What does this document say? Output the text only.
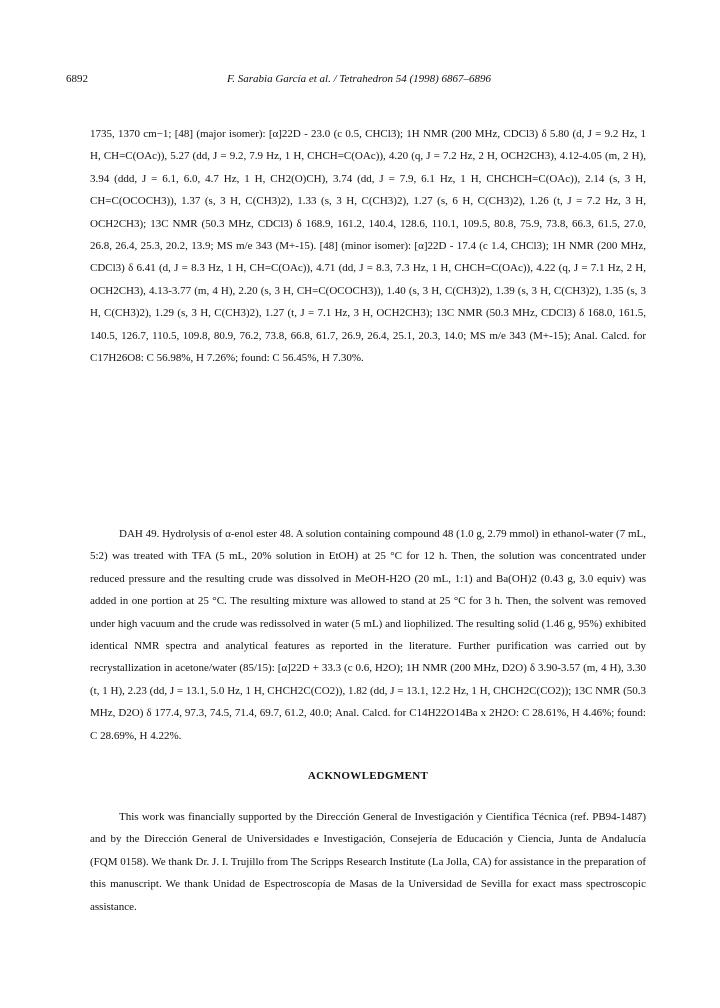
6892	F. Sarabia García et al. / Tetrahedron 54 (1998) 6867–6896

1735, 1370 cm−1; [48] (major isomer): [α]22D - 23.0 (c 0.5, CHCl3); 1H NMR (200 MHz, CDCl3) δ 5.80 (d, J = 9.2 Hz, 1 H, CH=C(OAc)), 5.27 (dd, J = 9.2, 7.9 Hz, 1 H, CHCH=C(OAc)), 4.20 (q, J = 7.2 Hz, 2 H, OCH2CH3), 4.12-4.05 (m, 2 H), 3.94 (ddd, J = 6.1, 6.0, 4.7 Hz, 1 H, CH2(O)CH), 3.74 (dd, J = 7.9, 6.1 Hz, 1 H, CHCHCH=C(OAc)), 2.14 (s, 3 H, CH=C(OCOCH3)), 1.37 (s, 3 H, C(CH3)2), 1.33 (s, 3 H, C(CH3)2), 1.27 (s, 6 H, C(CH3)2), 1.26 (t, J = 7.2 Hz, 3 H, OCH2CH3); 13C NMR (50.3 MHz, CDCl3) δ 168.9, 161.2, 140.4, 128.6, 110.1, 109.5, 80.8, 75.9, 73.8, 66.3, 61.5, 27.0, 26.8, 26.4, 25.3, 20.2, 13.9; MS m/e 343 (M+-15). [48] (minor isomer): [α]22D - 17.4 (c 1.4, CHCl3); 1H NMR (200 MHz, CDCl3) δ 6.41 (d, J = 8.3 Hz, 1 H, CH=C(OAc)), 4.71 (dd, J = 8.3, 7.3 Hz, 1 H, CHCH=C(OAc)), 4.22 (q, J = 7.1 Hz, 2 H, OCH2CH3), 4.13-3.77 (m, 4 H), 2.20 (s, 3 H, CH=C(OCOCH3)), 1.40 (s, 3 H, C(CH3)2), 1.39 (s, 3 H, C(CH3)2), 1.35 (s, 3 H, C(CH3)2), 1.29 (s, 3 H, C(CH3)2), 1.27 (t, J = 7.1 Hz, 3 H, OCH2CH3); 13C NMR (50.3 MHz, CDCl3) δ 168.0, 161.5, 140.5, 126.7, 110.5, 109.8, 80.9, 76.2, 73.8, 66.8, 61.7, 26.9, 26.4, 25.1, 20.3, 14.0; MS m/e 343 (M+-15); Anal. Calcd. for C17H26O8: C 56.98%, H 7.26%; found: C 56.45%, H 7.30%.

DAH 49. Hydrolysis of α-enol ester 48. A solution containing compound 48 (1.0 g, 2.79 mmol) in ethanol-water (7 mL, 5:2) was treated with TFA (5 mL, 20% solution in EtOH) at 25 °C for 12 h. Then, the solution was concentrated under reduced pressure and the resulting crude was dissolved in MeOH-H2O (20 mL, 1:1) and Ba(OH)2 (0.43 g, 3.0 equiv) was added in one portion at 25 °C. The resulting mixture was allowed to stand at 25 °C for 3 h. Then, the solvent was removed under high vacuum and the crude was redissolved in water (5 mL) and liophilized. The resulting solid (1.46 g, 95%) exhibited identical NMR spectra and analytical features as reported in the literature. Further purification was carried out by recrystallization in acetone/water (85/15): [α]22D + 33.3 (c 0.6, H2O); 1H NMR (200 MHz, D2O) δ 3.90-3.57 (m, 4 H), 3.30 (t, 1 H), 2.23 (dd, J = 13.1, 5.0 Hz, 1 H, CHCH2C(CO2)), 1.82 (dd, J = 13.1, 12.2 Hz, 1 H, CHCH2C(CO2)); 13C NMR (50.3 MHz, D2O) δ 177.4, 97.3, 74.5, 71.4, 69.7, 61.2, 40.0; Anal. Calcd. for C14H22O14Ba x 2H2O: C 28.61%, H 4.46%; found: C 28.69%, H 4.22%.

ACKNOWLEDGMENT

This work was financially supported by the Dirección General de Investigación y Científica Técnica (ref. PB94-1487) and by the Dirección General de Universidades e Investigación, Consejería de Educación y Ciencia, Junta de Andalucía (FQM 0158). We thank Dr. J. I. Trujillo from The Scripps Research Institute (La Jolla, CA) for assistance in the preparation of this manuscript. We thank Unidad de Espectroscopía de Masas de la Universidad de Sevilla for exact mass spectroscopic assistance.
